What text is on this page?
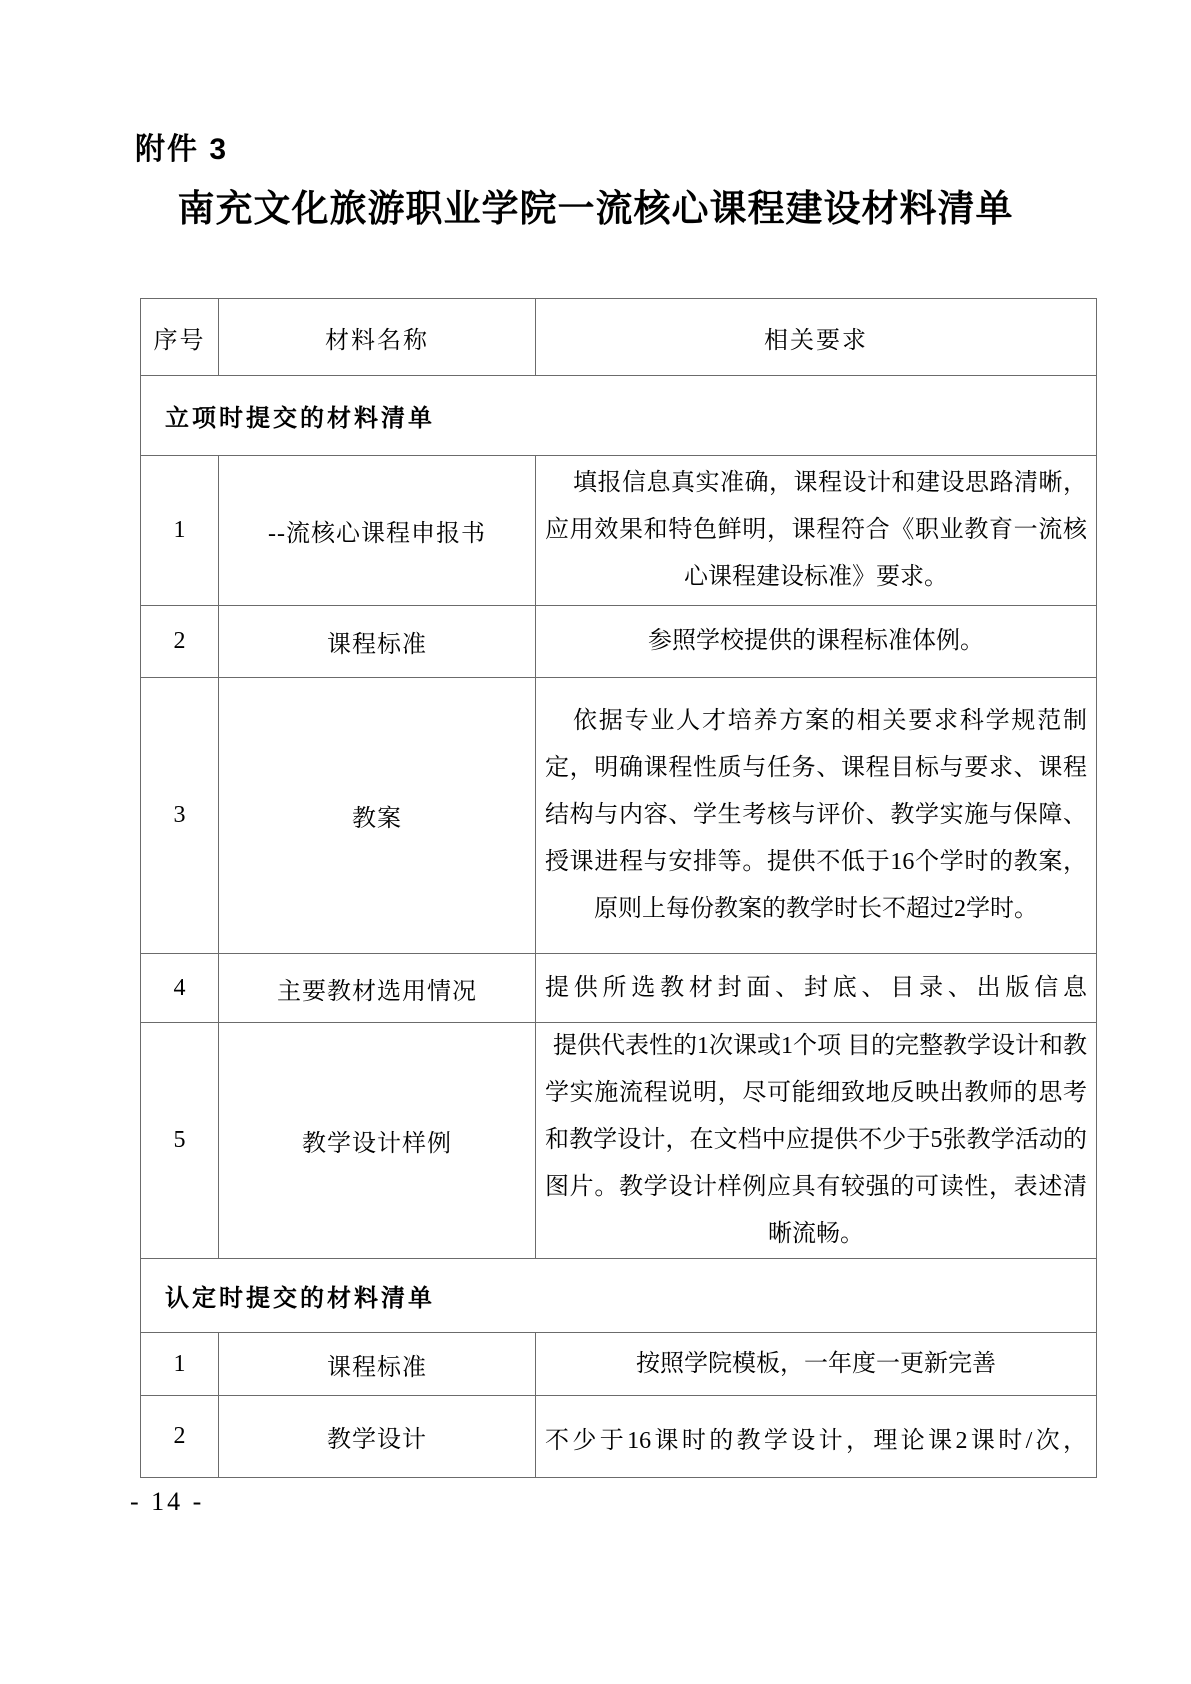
附件 3
南充文化旅游职业学院一流核心课程建设材料清单
序号	材料名称	相关要求
立项时提交的材料清单		
1	--流核心课程申报书	填报信息真实准确，课程设计和建设思路清晰，应用效果和特色鲜明，课程符合《职业教育一流核心课程建设标准》要求。
2	课程标准	参照学校提供的课程标准体例。
3	教案	依据专业人才培养方案的相关要求科学规范制定，明确课程性质与任务、课程目标与要求、课程结构与内容、学生考核与评价、教学实施与保障、授课进程与安排等。提供不低于16个学时的教案，原则上每份教案的教学时长不超过2学时。
4	主要教材选用情况	提供所选教材封面、封底、目录、出版信息
5	教学设计样例	提供代表性的1次课或1个项 目的完整教学设计和教学实施流程说明，尽可能细致地反映出教师的思考和教学设计，在文档中应提供不少于5张教学活动的图片。教学设计样例应具有较强的可读性，表述清晰流畅。
认定时提交的材料清单		
1	课程标准	按照学院模板，一年度一更新完善
2	教学设计	不少于16课时的教学设计，理论课2课时/次，
- 14 -
